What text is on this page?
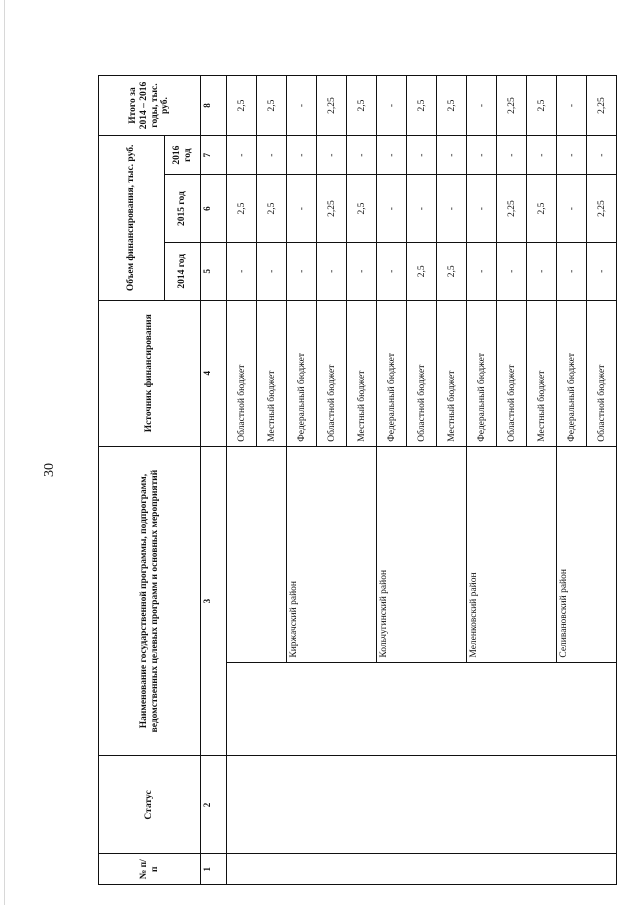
30
№ п/п	Статус	Наименование государственной программы, подпрограмм, ведомственных целевых программ и основных мероприятий		Источник финансирования	Объем финансирования, тыс. руб.			Итого за 2014 – 2016 годы, тыс. руб.
					2014 год	2015 год	2016 год	
1	2	3		4	5	6	7	8
				Областной бюджет	-	2,5	-	2,5
				Местный бюджет	-	2,5	-	2,5
			Киржачский район	Федеральный бюджет	-	-	-	-
				Областной бюджет	-	2,25	-	2,25
				Местный бюджет	-	2,5	-	2,5
			Кольчугинский район	Федеральный бюджет	-	-	-	-
				Областной бюджет	2,5	-	-	2,5
				Местный бюджет	2,5	-	-	2,5
			Меленковский район	Федеральный бюджет	-	-	-	-
				Областной бюджет	-	2,25	-	2,25
				Местный бюджет	-	2,5	-	2,5
			Селивановский район	Федеральный бюджет	-	-	-	-
				Областной бюджет	-	2,25	-	2,25
